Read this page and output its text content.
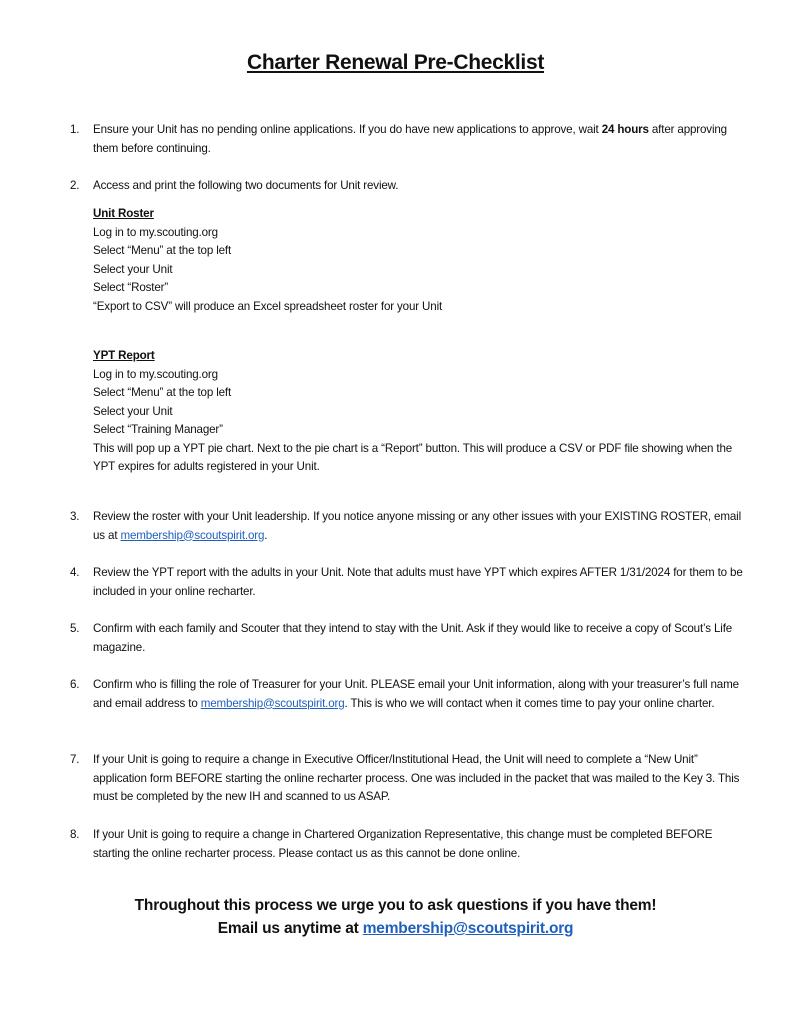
Charter Renewal Pre-Checklist
1. Ensure your Unit has no pending online applications. If you do have new applications to approve, wait 24 hours after approving them before continuing.
2. Access and print the following two documents for Unit review.

Unit Roster

Log in to my.scouting.org

Select “Menu” at the top left

Select your Unit

Select “Roster”

“Export to CSV” will produce an Excel spreadsheet roster for your Unit

YPT Report

Log in to my.scouting.org

Select “Menu” at the top left

Select your Unit

Select “Training Manager”

This will pop up a YPT pie chart. Next to the pie chart is a “Report” button. This will produce a CSV or PDF file showing when the YPT expires for adults registered in your Unit.

3. Review the roster with your Unit leadership. If you notice anyone missing or any other issues with your EXISTING ROSTER, email us at membership@scoutspirit.org.
4. Review the YPT report with the adults in your Unit. Note that adults must have YPT which expires AFTER 1/31/2024 for them to be included in your online recharter.
5. Confirm with each family and Scouter that they intend to stay with the Unit. Ask if they would like to receive a copy of Scout’s Life magazine.
6. Confirm who is filling the role of Treasurer for your Unit. PLEASE email your Unit information, along with your treasurer’s full name and email address to membership@scoutspirit.org. This is who we will contact when it comes time to pay your online charter.
7. If your Unit is going to require a change in Executive Officer/Institutional Head, the Unit will need to complete a “New Unit” application form BEFORE starting the online recharter process. One was included in the packet that was mailed to the Key 3. This must be completed by the new IH and scanned to us ASAP.
8. If your Unit is going to require a change in Chartered Organization Representative, this change must be completed BEFORE starting the online recharter process. Please contact us as this cannot be done online.
Throughout this process we urge you to ask questions if you have them!
Email us anytime at membership@scoutspirit.org
